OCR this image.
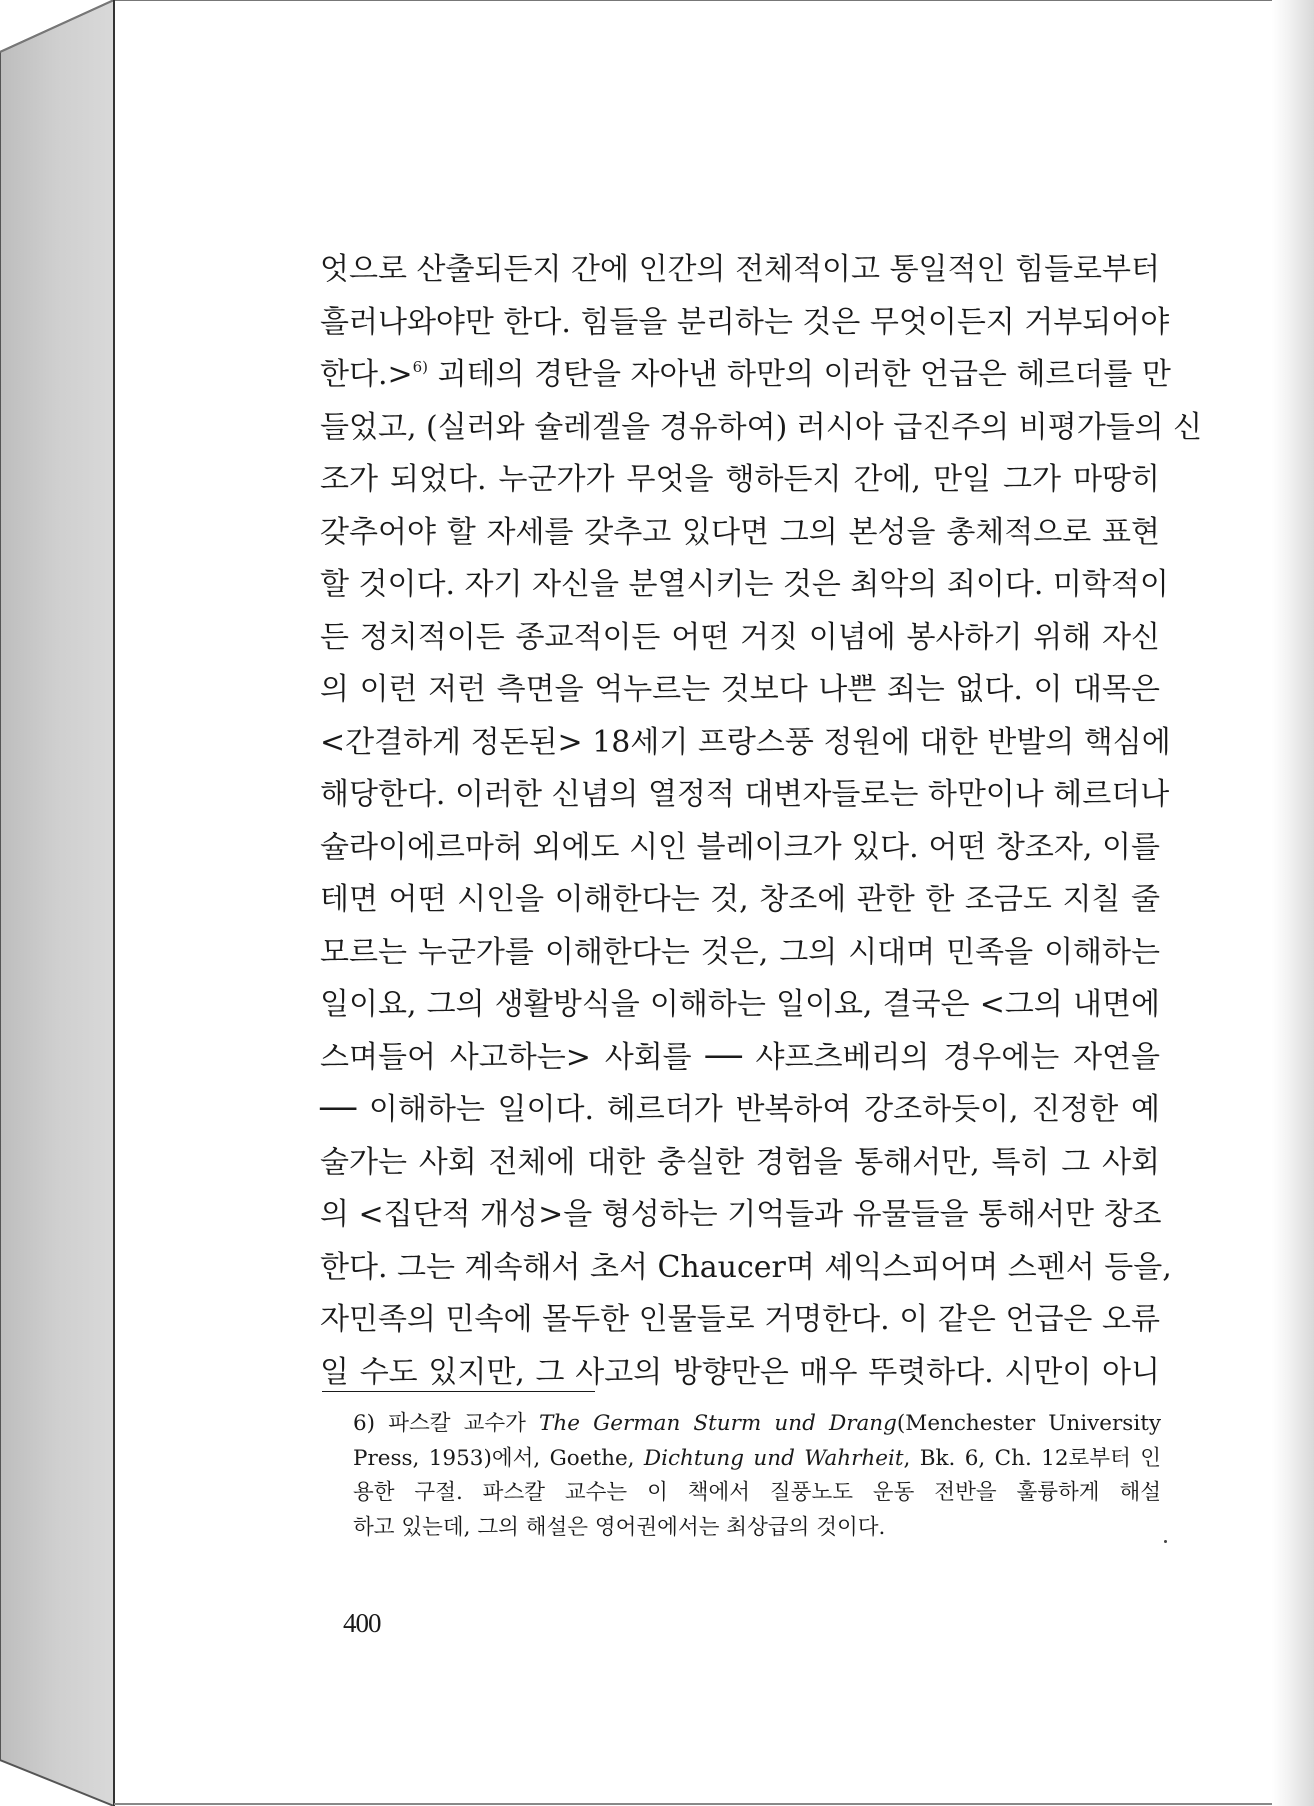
엇으로 산출되든지 간에 인간의 전체적이고 통일적인 힘들로부터
흘러나와야만 한다. 힘들을 분리하는 것은 무엇이든지 거부되어야
한다.>$^{6)}$ 괴테의 경탄을 자아낸 하만의 이러한 언급은 헤르더를 만
들었고, (실러와 슐레겔을 경유하여) 러시아 급진주의 비평가들의 신
조가 되었다. 누군가가 무엇을 행하든지 간에, 만일 그가 마땅히
갖추어야 할 자세를 갖추고 있다면 그의 본성을 총체적으로 표현
할 것이다. 자기 자신을 분열시키는 것은 최악의 죄이다. 미학적이
든 정치적이든 종교적이든 어떤 거짓 이념에 봉사하기 위해 자신
의 이런 저런 측면을 억누르는 것보다 나쁜 죄는 없다. 이 대목은
<간결하게 정돈된> 18세기 프랑스풍 정원에 대한 반발의 핵심에
해당한다. 이러한 신념의 열정적 대변자들로는 하만이나 헤르더나
슐라이에르마허 외에도 시인 블레이크가 있다. 어떤 창조자, 이를
테면 어떤 시인을 이해한다는 것, 창조에 관한 한 조금도 지칠 줄
모르는 누군가를 이해한다는 것은, 그의 시대며 민족을 이해하는
일이요, 그의 생활방식을 이해하는 일이요, 결국은 <그의 내면에
스며들어 사고하는> 사회를 ── 샤프츠베리의 경우에는 자연을
── 이해하는 일이다. 헤르더가 반복하여 강조하듯이, 진정한 예
술가는 사회 전체에 대한 충실한 경험을 통해서만, 특히 그 사회
의 <집단적 개성>을 형성하는 기억들과 유물들을 통해서만 창조
한다. 그는 계속해서 초서 Chaucer며 셰익스피어며 스펜서 등을,
자민족의 민속에 몰두한 인물들로 거명한다. 이 같은 언급은 오류
일 수도 있지만, 그 사고의 방향만은 매우 뚜렷하다. 시만이 아니
6) 파스칼 교수가 The German Sturm und Drang(Menchester University
Press, 1953)에서, Goethe, Dichtung und Wahrheit, Bk. 6, Ch. 12로부터 인
용한 구절. 파스칼 교수는 이 책에서 질풍노도 운동 전반을 훌륭하게 해설
하고 있는데, 그의 해설은 영어권에서는 최상급의 것이다.
400
